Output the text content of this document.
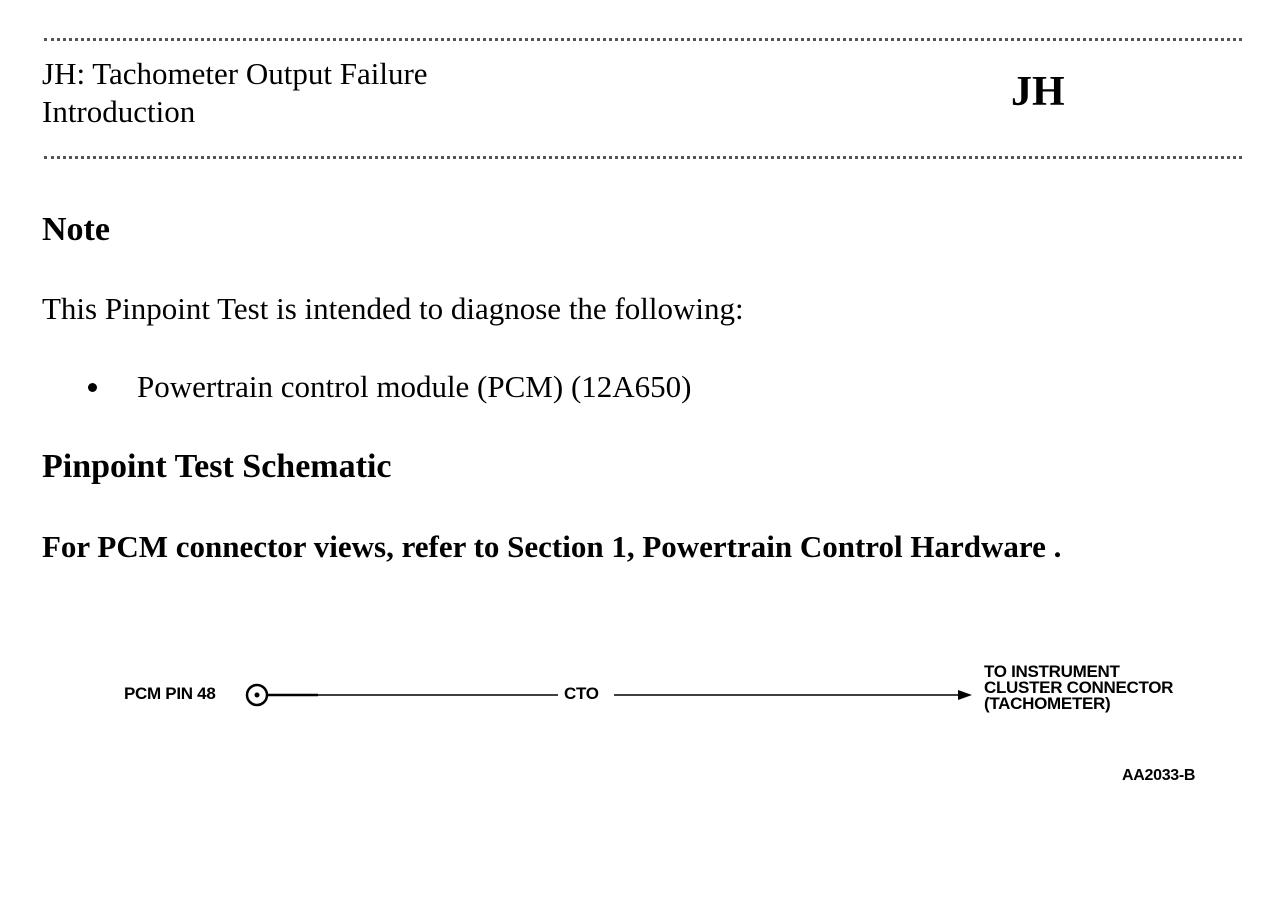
JH: Tachometer Output Failure
Introduction	JH
Note
This Pinpoint Test is intended to diagnose the following:
Powertrain control module (PCM) (12A650)
Pinpoint Test Schematic
For PCM connector views, refer to Section 1, Powertrain Control Hardware .
PCM PIN 48	CTO
TO INSTRUMENT
CLUSTER CONNECTOR
(TACHOMETER)
AA2033-B
